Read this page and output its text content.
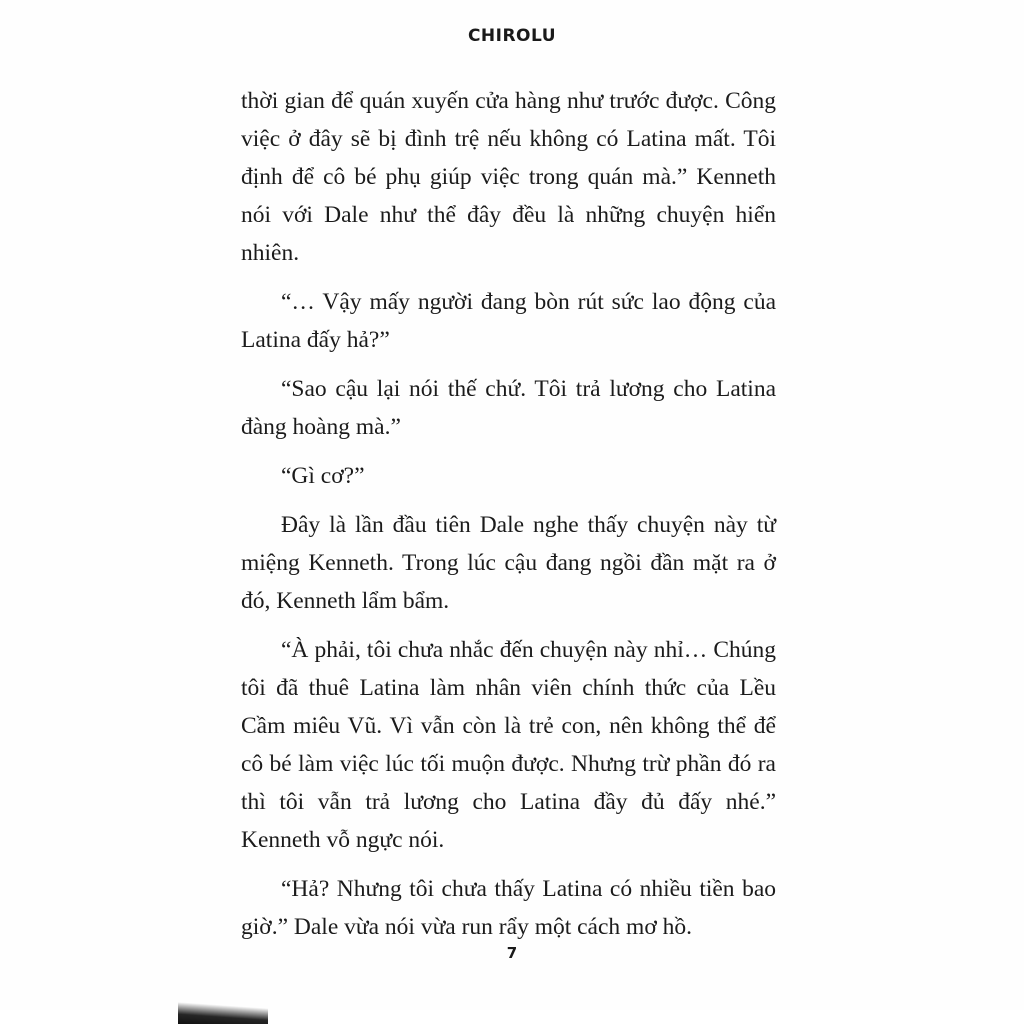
CHIROLU

thời gian để quán xuyến cửa hàng như trước được. Công việc ở đây sẽ bị đình trệ nếu không có Latina mất. Tôi định để cô bé phụ giúp việc trong quán mà.” Kenneth nói với Dale như thể đây đều là những chuyện hiển nhiên.

“… Vậy mấy người đang bòn rút sức lao động của Latina đấy hả?”

“Sao cậu lại nói thế chứ. Tôi trả lương cho Latina đàng hoàng mà.”

“Gì cơ?”

Đây là lần đầu tiên Dale nghe thấy chuyện này từ miệng Kenneth. Trong lúc cậu đang ngồi đần mặt ra ở đó, Kenneth lẩm bẩm.

“À phải, tôi chưa nhắc đến chuyện này nhỉ… Chúng tôi đã thuê Latina làm nhân viên chính thức của Lều Cầm miêu Vũ. Vì vẫn còn là trẻ con, nên không thể để cô bé làm việc lúc tối muộn được. Nhưng trừ phần đó ra thì tôi vẫn trả lương cho Latina đầy đủ đấy nhé.” Kenneth vỗ ngực nói.

“Hả? Nhưng tôi chưa thấy Latina có nhiều tiền bao giờ.” Dale vừa nói vừa run rẩy một cách mơ hồ.

7
